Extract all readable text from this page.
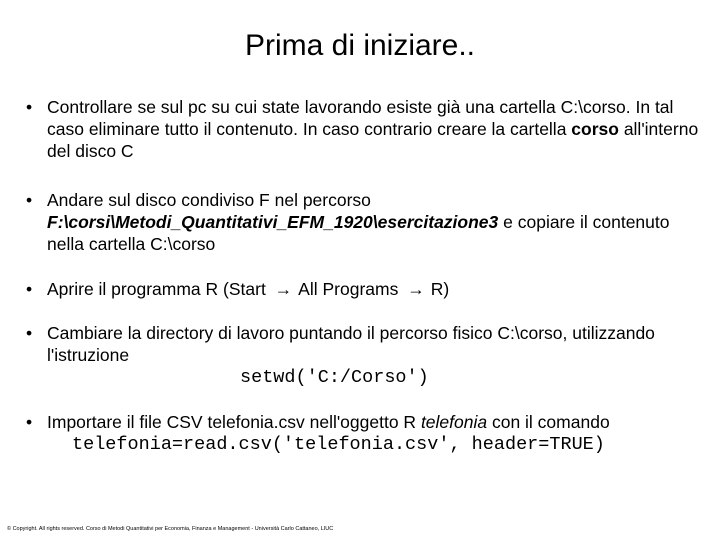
Prima di iniziare..
• Controllare se sul pc su cui state lavorando esiste già una cartella C:\corso. In tal caso eliminare tutto il contenuto. In caso contrario creare la cartella corso all'interno del disco C
• Andare sul disco condiviso F nel percorso
F:\corsi\Metodi_Quantitativi_EFM_1920\esercitazione3 e copiare il contenuto nella cartella C:\corso
• Aprire il programma R (Start → All Programs → R)
• Cambiare la directory di lavoro puntando il percorso fisico C:\corso, utilizzando l'istruzione
setwd('C:/Corso')
• Importare il file CSV telefonia.csv nell'oggetto R telefonia con il comando
telefonia=read.csv('telefonia.csv', header=TRUE)
© Copyright. All rights reserved. Corso di Metodi Quantitativi per Economia, Finanza e Management - Università Carlo Cattaneo, LIUC
